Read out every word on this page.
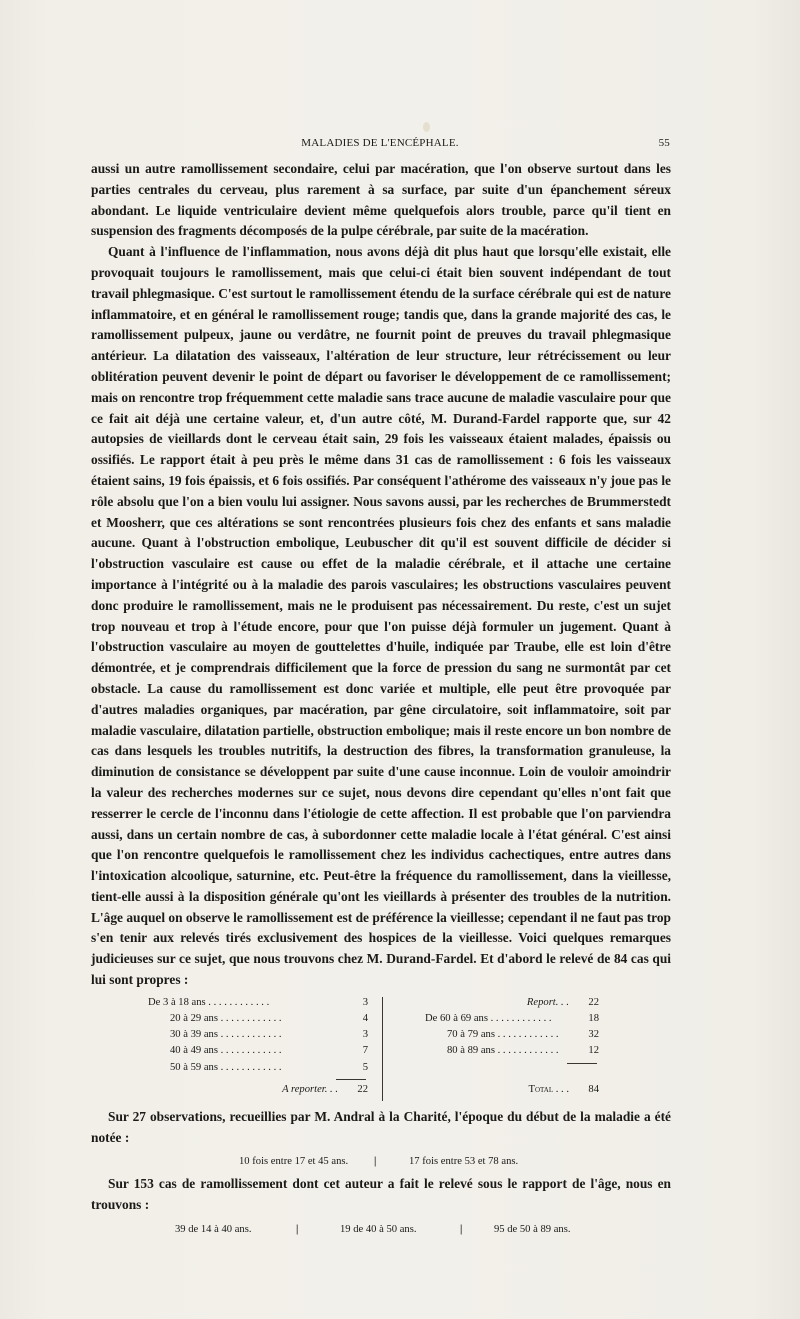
MALADIES DE L'ENCÉPHALE.	55

aussi un autre ramollissement secondaire, celui par macération, que l'on observe surtout dans les parties centrales du cerveau, plus rarement à sa surface, par suite d'un épanchement séreux abondant. Le liquide ventriculaire devient même quelquefois alors trouble, parce qu'il tient en suspension des fragments décomposés de la pulpe cérébrale, par suite de la macération.

Quant à l'influence de l'inflammation, nous avons déjà dit plus haut que lorsqu'elle existait, elle provoquait toujours le ramollissement, mais que celui-ci était bien souvent indépendant de tout travail phlegmasique. C'est surtout le ramollissement étendu de la surface cérébrale qui est de nature inflammatoire, et en général le ramollissement rouge; tandis que, dans la grande majorité des cas, le ramollissement pulpeux, jaune ou verdâtre, ne fournit point de preuves du travail phlegmasique antérieur. La dilatation des vaisseaux, l'altération de leur structure, leur rétrécissement ou leur oblitération peuvent devenir le point de départ ou favoriser le développement de ce ramollissement; mais on rencontre trop fréquemment cette maladie sans trace aucune de maladie vasculaire pour que ce fait ait déjà une certaine valeur, et, d'un autre côté, M. Durand-Fardel rapporte que, sur 42 autopsies de vieillards dont le cerveau était sain, 29 fois les vaisseaux étaient malades, épaissis ou ossifiés. Le rapport était à peu près le même dans 31 cas de ramollissement : 6 fois les vaisseaux étaient sains, 19 fois épaissis, et 6 fois ossifiés. Par conséquent l'athérome des vaisseaux n'y joue pas le rôle absolu que l'on a bien voulu lui assigner. Nous savons aussi, par les recherches de Brummerstedt et Moosherr, que ces altérations se sont rencontrées plusieurs fois chez des enfants et sans maladie aucune. Quant à l'obstruction embolique, Leubuscher dit qu'il est souvent difficile de décider si l'obstruction vasculaire est cause ou effet de la maladie cérébrale, et il attache une certaine importance à l'intégrité ou à la maladie des parois vasculaires; les obstructions vasculaires peuvent donc produire le ramollissement, mais ne le produisent pas nécessairement. Du reste, c'est un sujet trop nouveau et trop à l'étude encore, pour que l'on puisse déjà formuler un jugement. Quant à l'obstruction vasculaire au moyen de gouttelettes d'huile, indiquée par Traube, elle est loin d'être démontrée, et je comprendrais difficilement que la force de pression du sang ne surmontât par cet obstacle. La cause du ramollissement est donc variée et multiple, elle peut être provoquée par d'autres maladies organiques, par macération, par gêne circulatoire, soit inflammatoire, soit par maladie vasculaire, dilatation partielle, obstruction embolique; mais il reste encore un bon nombre de cas dans lesquels les troubles nutritifs, la destruction des fibres, la transformation granuleuse, la diminution de consistance se développent par suite d'une cause inconnue. Loin de vouloir amoindrir la valeur des recherches modernes sur ce sujet, nous devons dire cependant qu'elles n'ont fait que resserrer le cercle de l'inconnu dans l'étiologie de cette affection. Il est probable que l'on parviendra aussi, dans un certain nombre de cas, à subordonner cette maladie locale à l'état général. C'est ainsi que l'on rencontre quelquefois le ramollissement chez les individus cachectiques, entre autres dans l'intoxication alcoolique, saturnine, etc. Peut-être la fréquence du ramollissement, dans la vieillesse, tient-elle aussi à la disposition générale qu'ont les vieillards à présenter des troubles de la nutrition. L'âge auquel on observe le ramollissement est de préférence la vieillesse; cependant il ne faut pas trop s'en tenir aux relevés tirés exclusivement des hospices de la vieillesse. Voici quelques remarques judicieuses sur ce sujet, que nous trouvons chez M. Durand-Fardel. Et d'abord le relevé de 84 cas qui lui sont propres :

De 3 à 18 ans . . . . . . . . . . . .	3
20 à 29 ans . . . . . . . . . . . .	4
30 à 39 ans . . . . . . . . . . . .	3
40 à 49 ans . . . . . . . . . . . .	7
50 à 59 ans . . . . . . . . . . . .	5
A reporter. . . 22
Report. . . 22
De 60 à 69 ans . . . . . . . . . . . .	18
70 à 79 ans . . . . . . . . . . . .	32
80 à 89 ans . . . . . . . . . . . .	12
Total . . . 84

Sur 27 observations, recueillies par M. Andral à la Charité, l'époque du début de la maladie a été notée :

10 fois entre 17 et 45 ans. |	17 fois entre 53 et 78 ans.

Sur 153 cas de ramollissement dont cet auteur a fait le relevé sous le rapport de l'âge, nous en trouvons :

39 de 14 à 40 ans.	|	19 de 40 à 50 ans.	|	95 de 50 à 89 ans.
